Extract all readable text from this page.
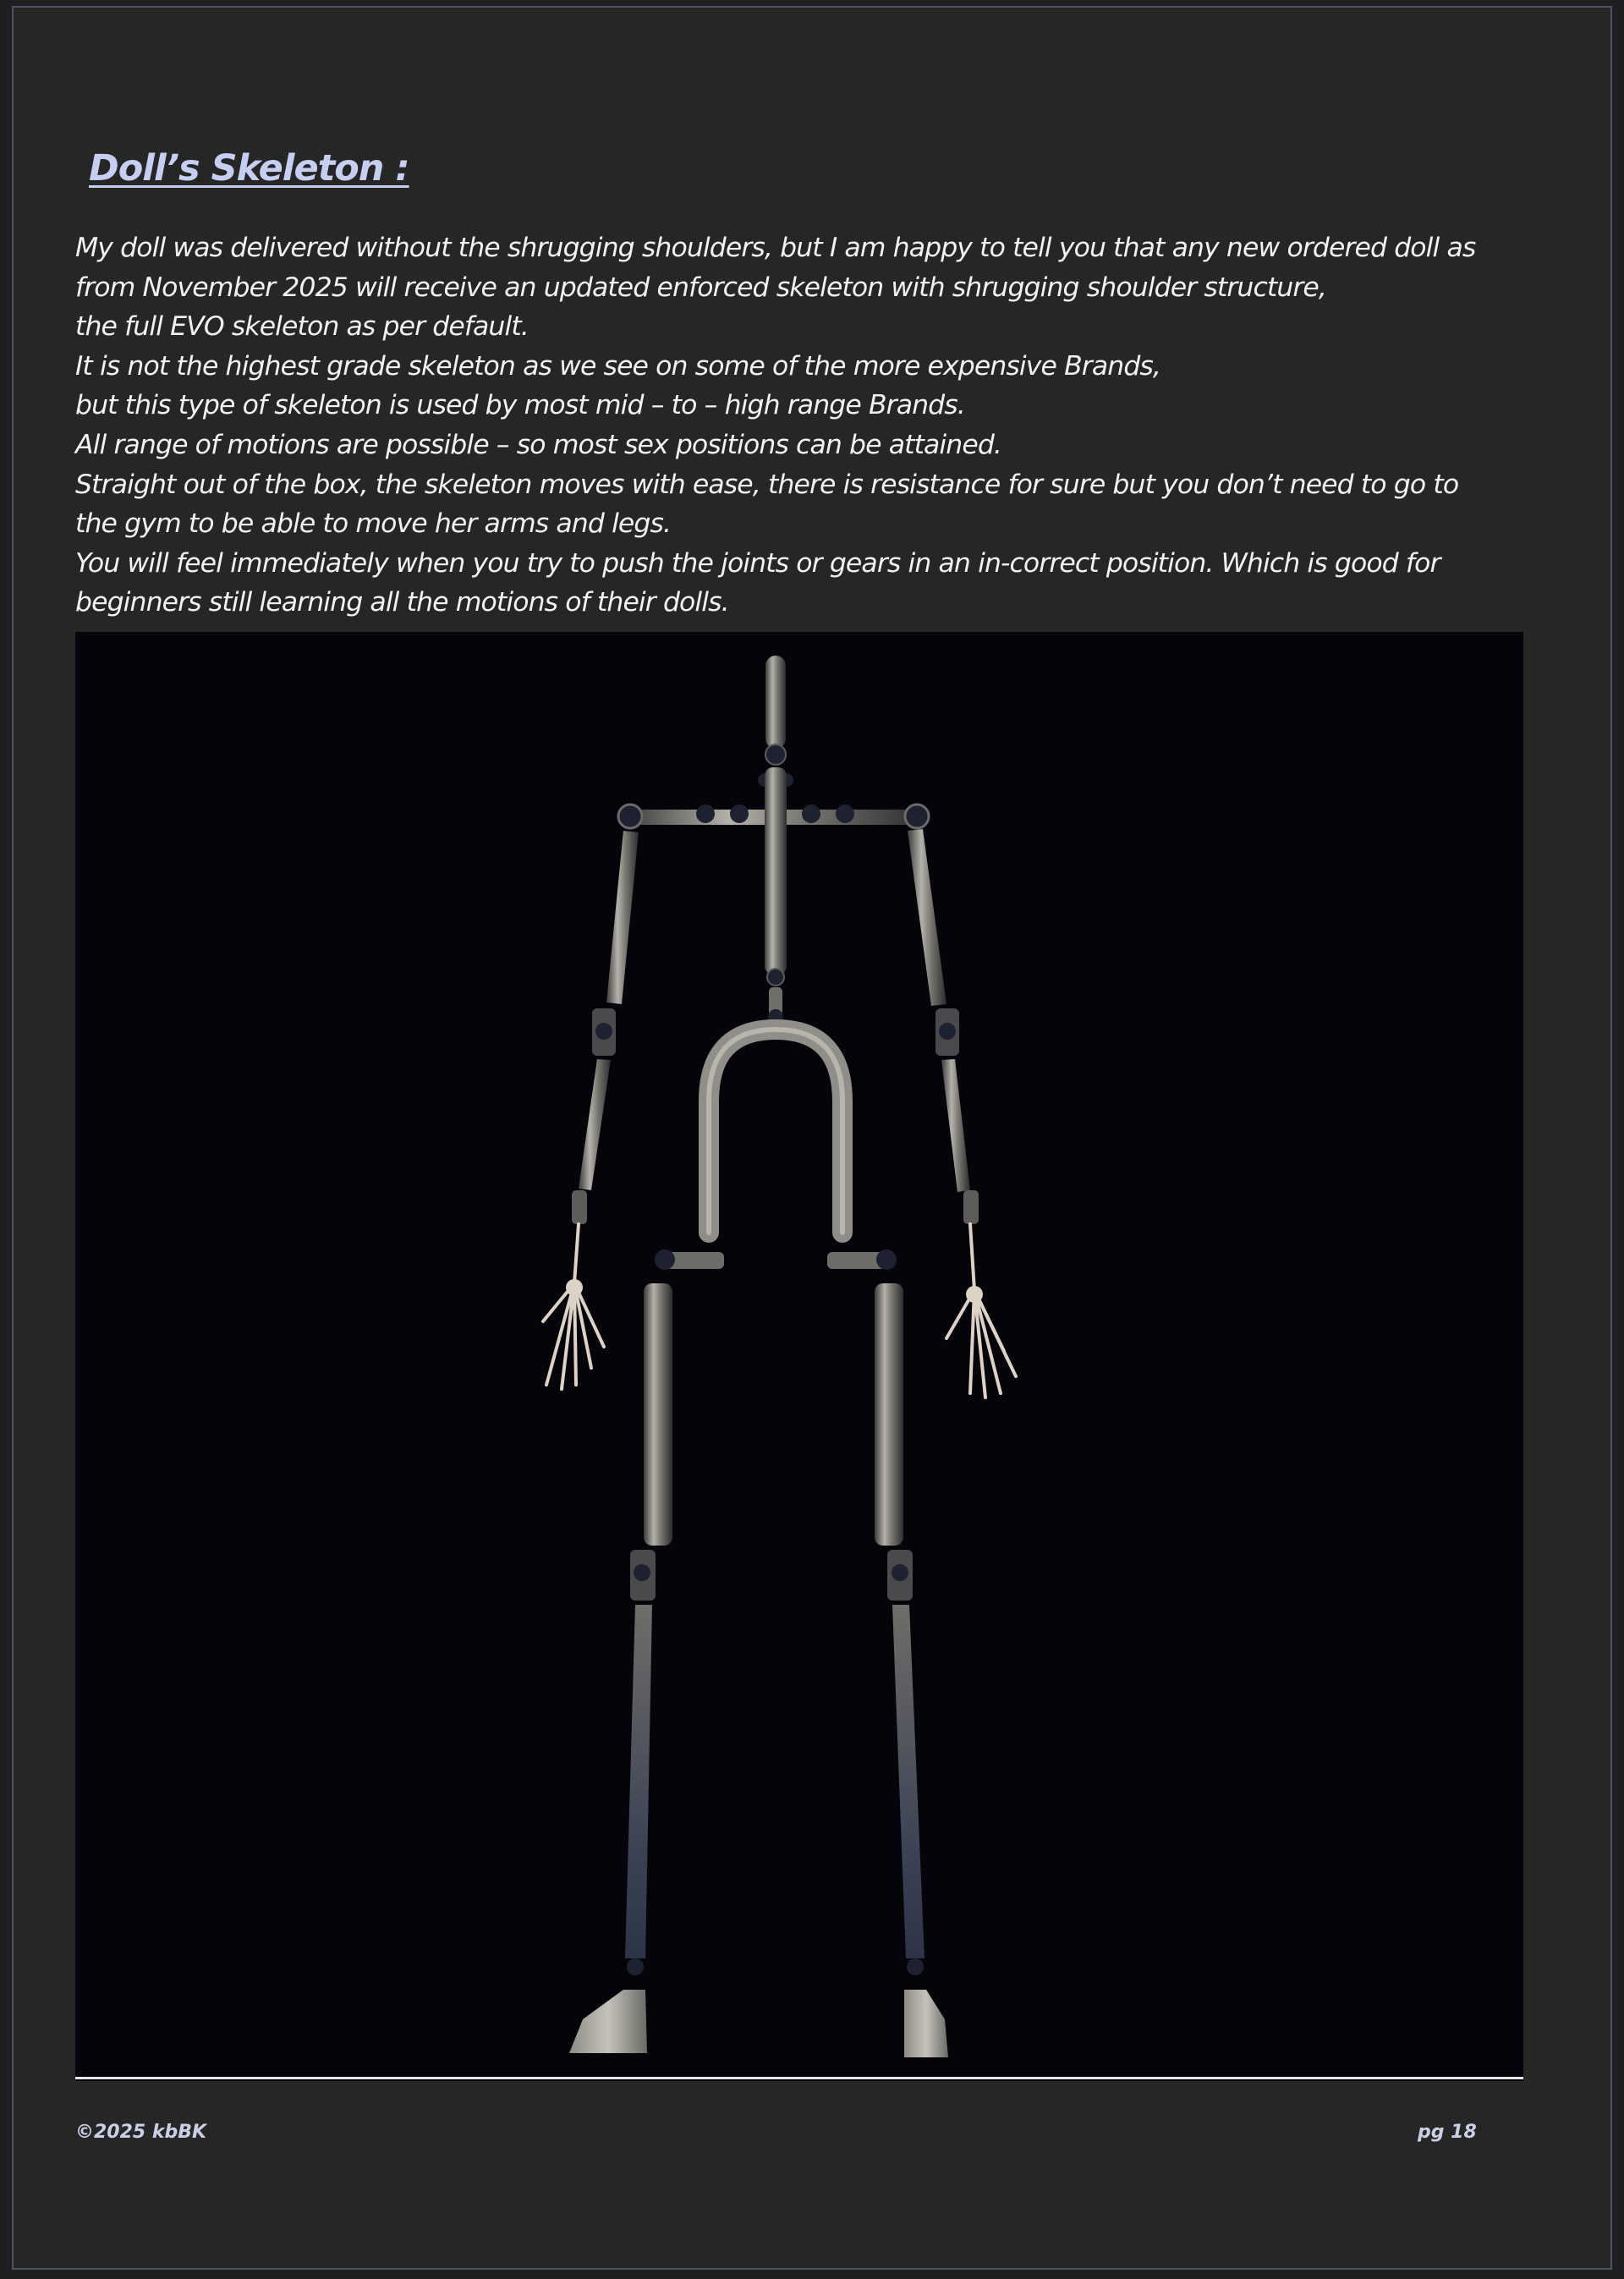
Doll’s Skeleton :
My doll was delivered without the shrugging shoulders, but I am happy to tell you that any new ordered doll as
from November 2025 will receive an updated enforced skeleton with shrugging shoulder structure,
the full EVO skeleton as per default.
It is not the highest grade skeleton as we see on some of the more expensive Brands,
but this type of skeleton is used by most mid – to – high range Brands.
All range of motions are possible – so most sex positions can be attained.
Straight out of the box, the skeleton moves with ease, there is resistance for sure but you don’t need to go to
the gym to be able to move her arms and legs.
You will feel immediately when you try to push the joints or gears in an in-correct position. Which is good for
beginners still learning all the motions of their dolls.
©2025 kbBK	pg 18
